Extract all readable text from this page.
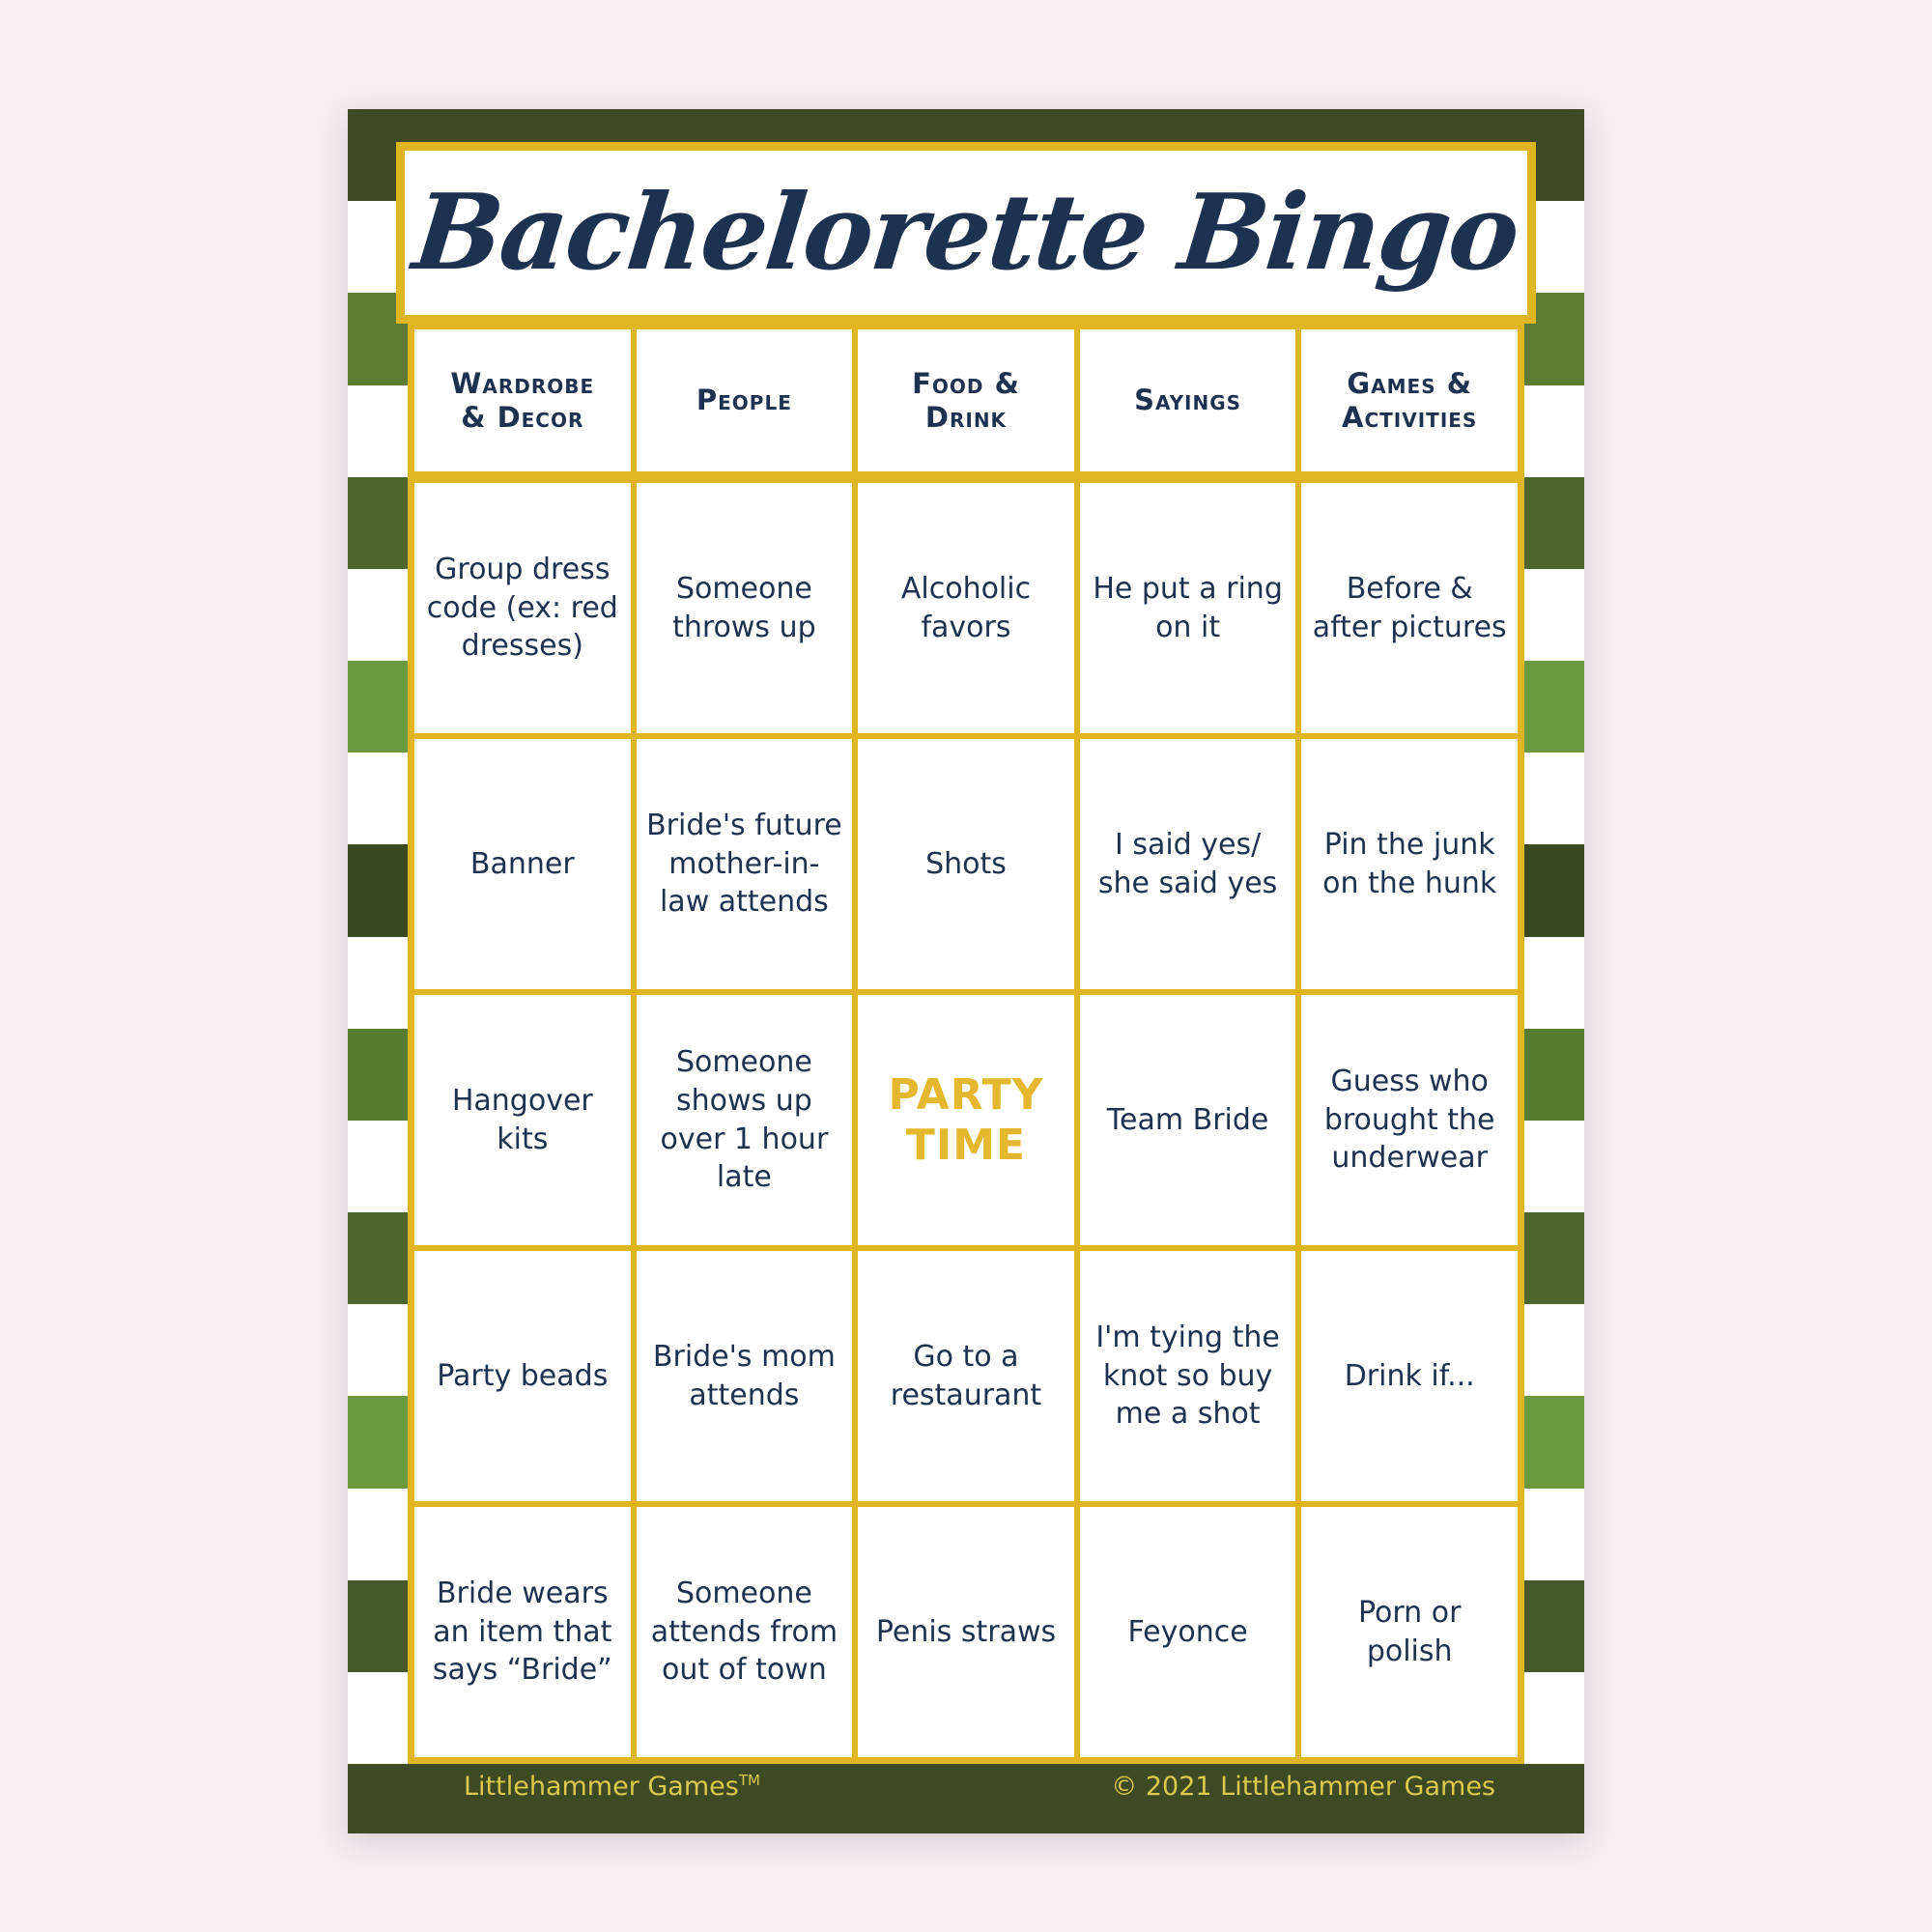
Littlehammer Games™	© 2021 Littlehammer Games
Bachelorette Bingo
Wardrobe & Decor
People
Food & Drink
Sayings
Games & Activities
Group dress code (ex: red dresses)
Someone throws up
Alcoholic favors
He put a ring on it
Before & after pictures
Banner
Bride's future mother-in-law attends
Shots
I said yes/ she said yes
Pin the junk on the hunk
Hangover kits
Someone shows up over 1 hour late
PARTY TIME
Team Bride
Guess who brought the underwear
Party beads
Bride's mom attends
Go to a restaurant
I'm tying the knot so buy me a shot
Drink if...
Bride wears an item that says “Bride”
Someone attends from out of town
Penis straws	Feyonce
Porn or polish
